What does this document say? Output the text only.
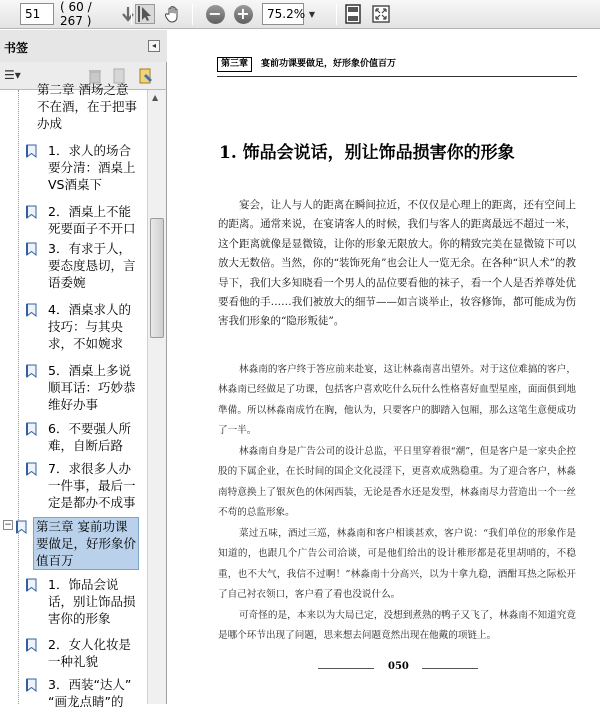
51 ( 60 / 267 )	− + 75.2% ▼
书签	◂
☰▾
第二章 酒场之意
不在酒，在于把事
办成
1．求人的场合
要分清：酒桌上
VS酒桌下
2．酒桌上不能
死要面子不开口
3．有求于人，
要态度恳切，言
语委婉
4．酒桌求人的
技巧：与其央
求，不如婉求
5．酒桌上多说
顺耳话：巧妙恭
维好办事
6．不要强人所
难，自断后路
7．求很多人办
一件事，最后一
定是都办不成事
− 第三章 宴前功课
要做足，好形象价
值百万
1．饰品会说
话，别让饰品损
害你的形象
2．女人化妆是
一种礼貌
3．西装“达人”
“画龙点睛”的
▲
第三章	宴前功课要做足，好形象价值百万
1. 饰品会说话，别让饰品损害你的形象
宴会，让人与人的距离在瞬间拉近，不仅仅是心理上的距离，还有空间上的距离。通常来说，在宴请客人的时候，我们与客人的距离最远不超过一米，这个距离就像是显微镜，让你的形象无限放大。你的精致完美在显微镜下可以放大无数倍。当然，你的“装饰死角”也会让人一览无余。在各种“识人术”的教导下，我们大多知晓看一个男人的品位要看他的袜子，看一个人是否养尊处优要看他的手……我们被放大的细节——如言谈举止，妆容修饰，都可能成为伤害我们形象的“隐形叛徒”。
林淼南的客户终于答应前来赴宴，这让林淼南喜出望外。对于这位难搞的客户，林淼南已经做足了功课，包括客户喜欢吃什么玩什么性格喜好血型星座，面面俱到地準備。所以林淼南成竹在胸，他认为，只要客户的脚踏入包厢，那么这笔生意便成功了一半。
林淼南自身是广告公司的设计总监，平日里穿着很“潮”，但是客户是一家央企控股的下属企业，在长时间的国企文化浸淫下，更喜欢成熟稳重。为了迎合客户，林淼南特意换上了银灰色的休闲西装，无论是香水还是发型，林淼南尽力营造出一个一丝不苟的总监形象。
菜过五味，酒过三巡，林淼南和客户相谈甚欢，客户说：“我们单位的形象作是知道的，也跟几个广告公司洽谈，可是他们给出的设计稚形都是花里胡哨的，不稳重，也不大气，我信不过啊！”林淼南十分高兴，以为十拿九稳，酒酣耳热之际松开了自己衬衣领口，客户看了看也没说什么。
可奇怪的是，本来以为大局已定，没想到煮熟的鸭子又飞了，林淼南不知道究竟是哪个环节出现了问题，思来想去问题竟然出现在他戴的项链上。
050
